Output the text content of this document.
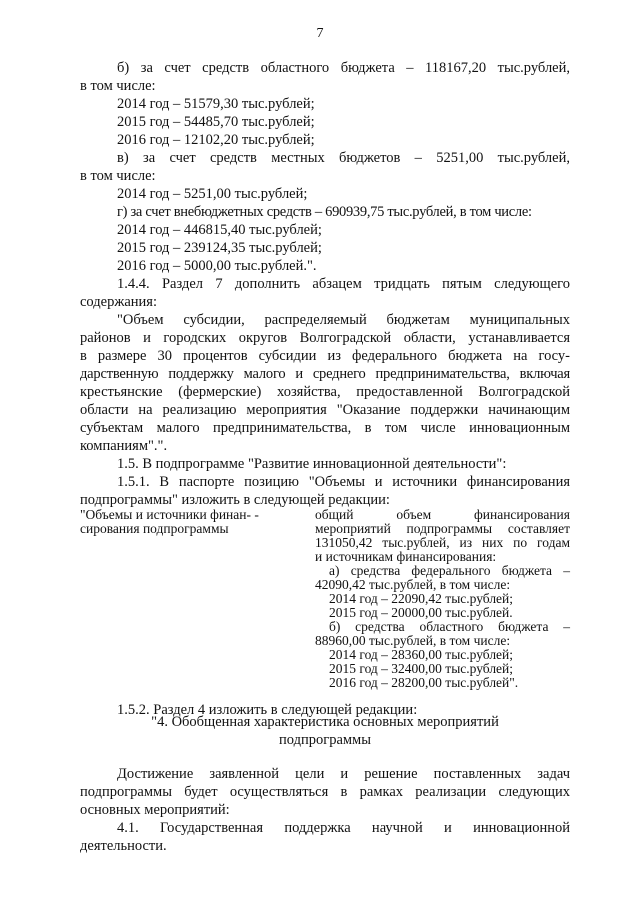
7
б) за счет средств областного бюджета – 118167,20 тыс.рублей,
в том числе:
2014 год – 51579,30 тыс.рублей;
2015 год – 54485,70 тыс.рублей;
2016 год – 12102,20 тыс.рублей;
в) за счет средств местных бюджетов – 5251,00 тыс.рублей,
в том числе:
2014 год – 5251,00 тыс.рублей;
г) за счет внебюджетных средств – 690939,75 тыс.рублей, в том числе:
2014 год – 446815,40 тыс.рублей;
2015 год – 239124,35 тыс.рублей;
2016 год – 5000,00 тыс.рублей.".
1.4.4. Раздел 7 дополнить абзацем тридцать пятым следующего
содержания:
"Объем субсидии, распределяемый бюджетам муниципальных
районов и городских округов Волгоградской области, устанавливается
в размере 30 процентов субсидии из федерального бюджета на госу-
дарственную поддержку малого и среднего предпринимательства, включая
крестьянские (фермерские) хозяйства, предоставленной Волгоградской
области на реализацию мероприятия "Оказание поддержки начинающим
субъектам малого предпринимательства, в том числе инновационным
компаниям".".
1.5. В подпрограмме "Развитие инновационной деятельности":
1.5.1. В паспорте позицию "Объемы и источники финансирования
подпрограммы" изложить в следующей редакции:
"Объемы и источники финан- -
сирования подпрограммы
общий объем финансирования
мероприятий подпрограммы составляет
131050,42 тыс.рублей, из них по годам
и источникам финансирования:
а) средства федерального бюджета –
42090,42 тыс.рублей, в том числе:
2014 год – 22090,42 тыс.рублей;
2015 год – 20000,00 тыс.рублей.
б) средства областного бюджета –
88960,00 тыс.рублей, в том числе:
2014 год – 28360,00 тыс.рублей;
2015 год – 32400,00 тыс.рублей;
2016 год – 28200,00 тыс.рублей".
1.5.2. Раздел 4 изложить в следующей редакции:
"4. Обобщенная характеристика основных мероприятий
подпрограммы
Достижение заявленной цели и решение поставленных задач
подпрограммы будет осуществляться в рамках реализации следующих
основных мероприятий:
4.1. Государственная поддержка научной и инновационной
деятельности.
